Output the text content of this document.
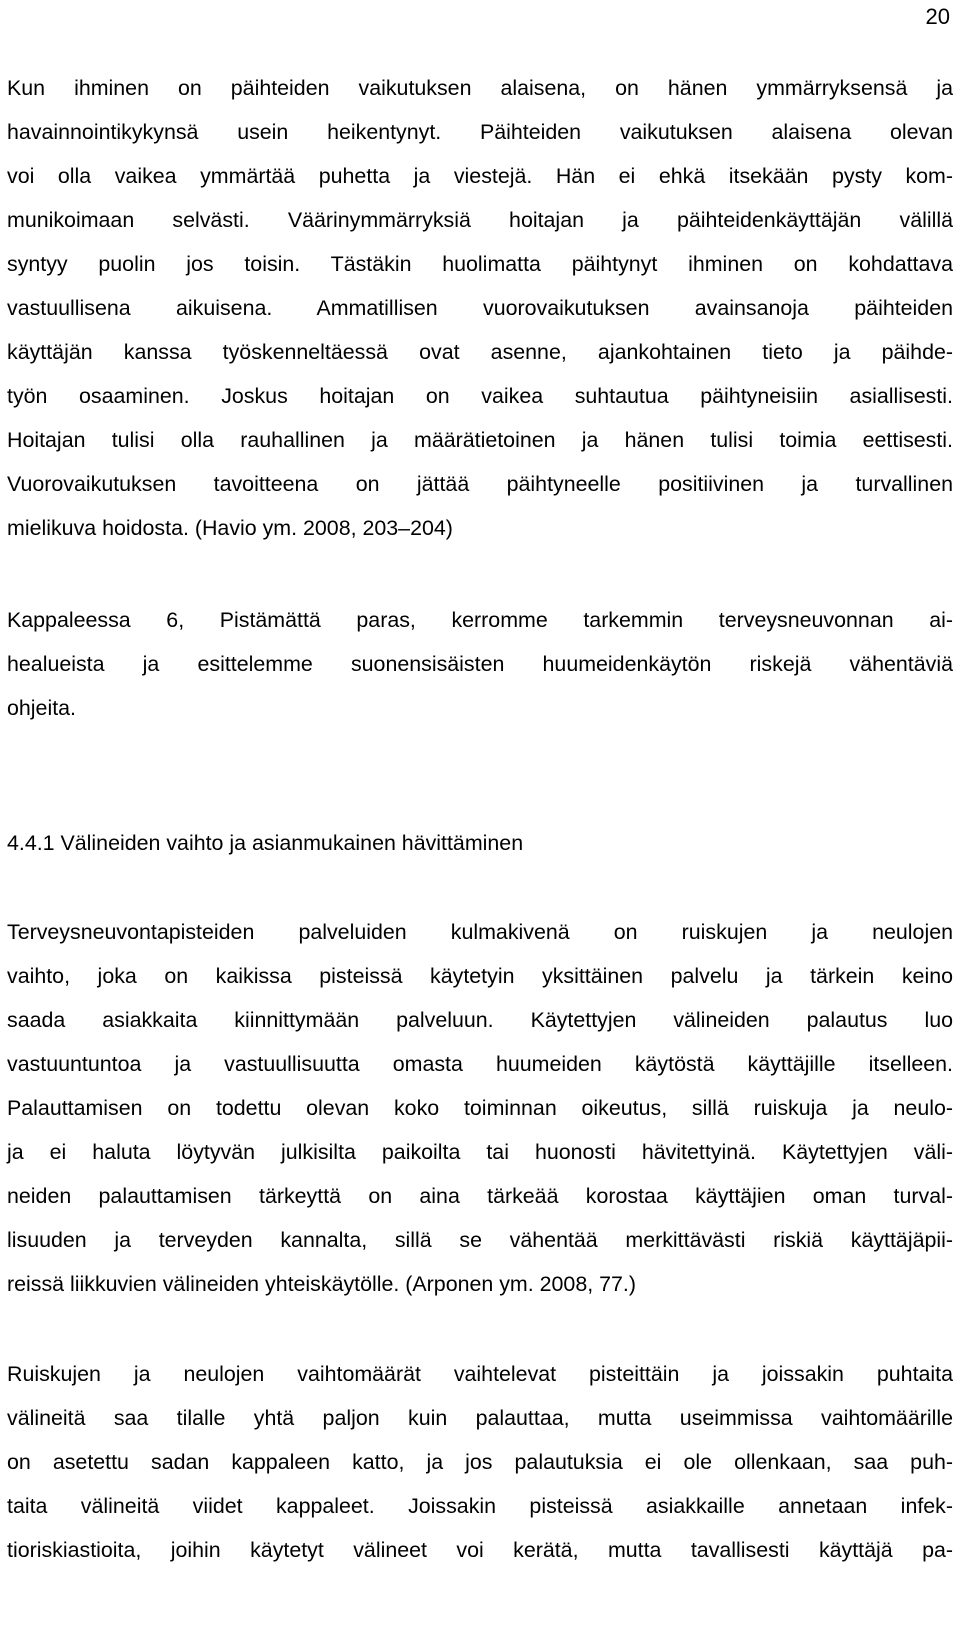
20
Kun ihminen on päihteiden vaikutuksen alaisena, on hänen ymmärryksensä ja
havainnointikykynsä usein heikentynyt. Päihteiden vaikutuksen alaisena olevan
voi olla vaikea ymmärtää puhetta ja viestejä. Hän ei ehkä itsekään pysty kom-
munikoimaan selvästi. Väärinymmärryksiä hoitajan ja päihteidenkäyttäjän välillä
syntyy puolin jos toisin. Tästäkin huolimatta päihtynyt ihminen on kohdattava
vastuullisena aikuisena. Ammatillisen vuorovaikutuksen avainsanoja päihteiden
käyttäjän kanssa työskenneltäessä ovat asenne, ajankohtainen tieto ja päihde-
työn osaaminen. Joskus hoitajan on vaikea suhtautua päihtyneisiin asiallisesti.
Hoitajan tulisi olla rauhallinen ja määrätietoinen ja hänen tulisi toimia eettisesti.
Vuorovaikutuksen tavoitteena on jättää päihtyneelle positiivinen ja turvallinen
mielikuva hoidosta. (Havio ym. 2008, 203–204)
Kappaleessa 6, Pistämättä paras, kerromme tarkemmin terveysneuvonnan ai-
healueista ja esittelemme suonensisäisten huumeidenkäytön riskejä vähentäviä
ohjeita.
4.4.1 Välineiden vaihto ja asianmukainen hävittäminen
Terveysneuvontapisteiden palveluiden kulmakivenä on ruiskujen ja neulojen
vaihto, joka on kaikissa pisteissä käytetyin yksittäinen palvelu ja tärkein keino
saada asiakkaita kiinnittymään palveluun. Käytettyjen välineiden palautus luo
vastuuntuntoa ja vastuullisuutta omasta huumeiden käytöstä käyttäjille itselleen.
Palauttamisen on todettu olevan koko toiminnan oikeutus, sillä ruiskuja ja neulo-
ja ei haluta löytyvän julkisilta paikoilta tai huonosti hävitettyinä. Käytettyjen väli-
neiden palauttamisen tärkeyttä on aina tärkeää korostaa käyttäjien oman turval-
lisuuden ja terveyden kannalta, sillä se vähentää merkittävästi riskiä käyttäjäpii-
reissä liikkuvien välineiden yhteiskäytölle. (Arponen ym. 2008, 77.)
Ruiskujen ja neulojen vaihtomäärät vaihtelevat pisteittäin ja joissakin puhtaita
välineitä saa tilalle yhtä paljon kuin palauttaa, mutta useimmissa vaihtomäärille
on asetettu sadan kappaleen katto, ja jos palautuksia ei ole ollenkaan, saa puh-
taita välineitä viidet kappaleet. Joissakin pisteissä asiakkaille annetaan infek-
tioriskiastioita, joihin käytetyt välineet voi kerätä, mutta tavallisesti käyttäjä pa-
